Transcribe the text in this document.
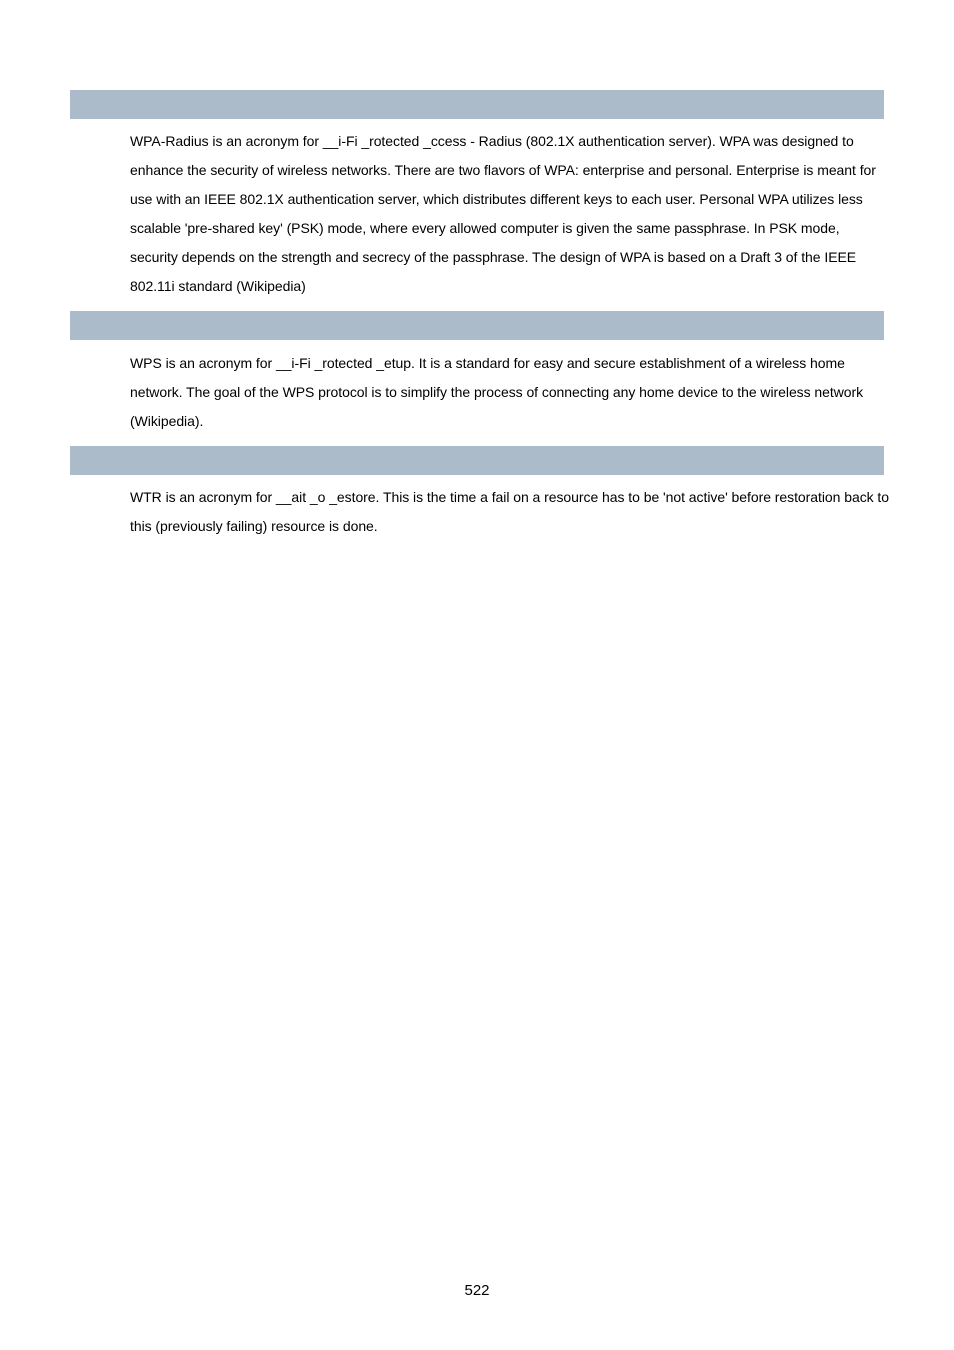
WPA-Radius is an acronym for __i-Fi _rotected _ccess - Radius (802.1X authentication server). WPA was designed to enhance the security of wireless networks. There are two flavors of WPA: enterprise and personal. Enterprise is meant for use with an IEEE 802.1X authentication server, which distributes different keys to each user. Personal WPA utilizes less scalable 'pre-shared key' (PSK) mode, where every allowed computer is given the same passphrase. In PSK mode, security depends on the strength and secrecy of the passphrase. The design of WPA is based on a Draft 3 of the IEEE 802.11i standard (Wikipedia)

WPS is an acronym for __i-Fi _rotected _etup. It is a standard for easy and secure establishment of a wireless home network. The goal of the WPS protocol is to simplify the process of connecting any home device to the wireless network (Wikipedia).

WTR is an acronym for __ait _o _estore. This is the time a fail on a resource has to be 'not active' before restoration back to this (previously failing) resource is done.

522
